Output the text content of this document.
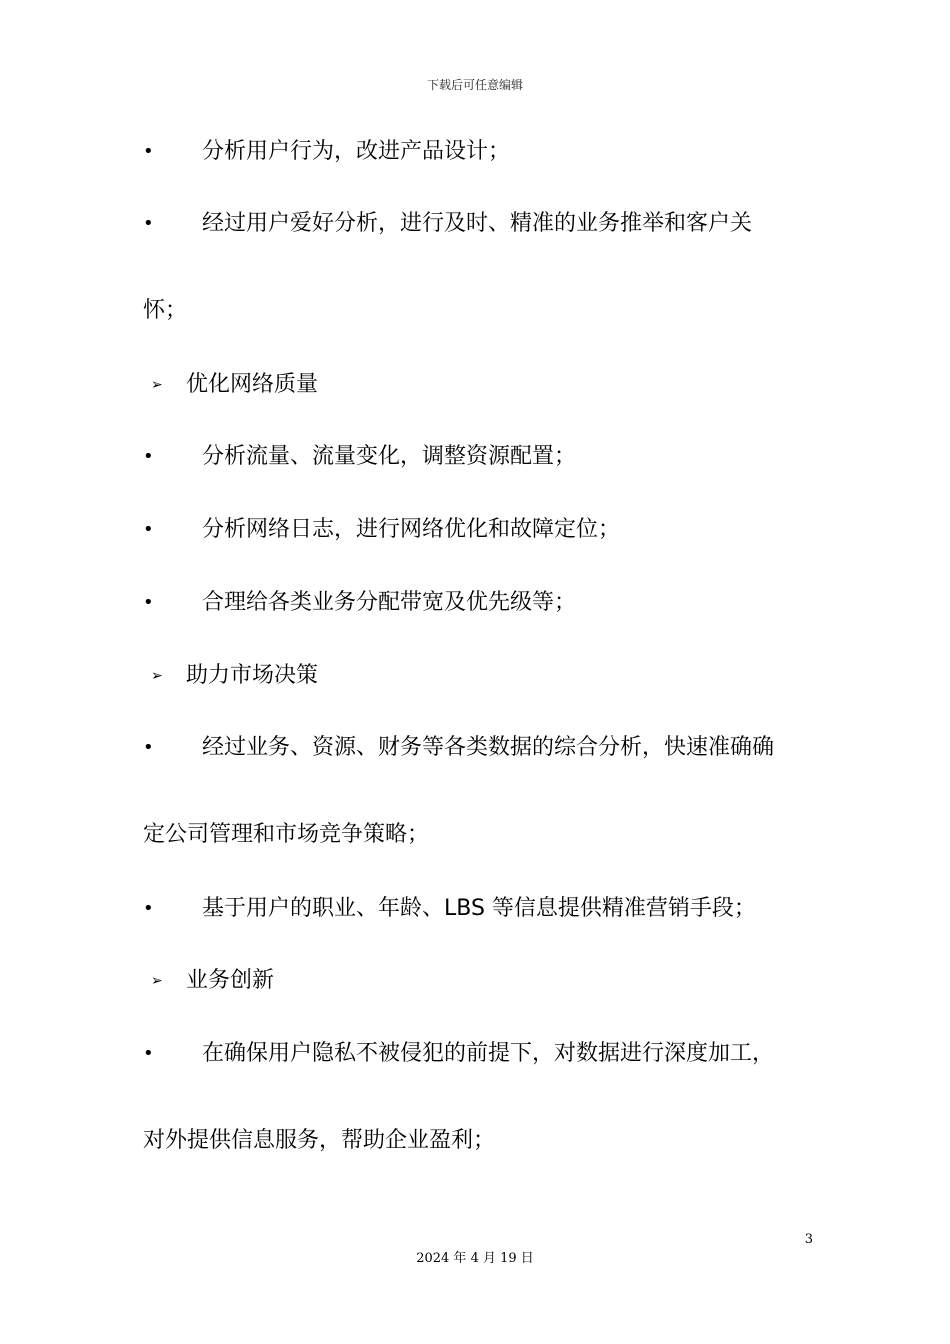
下载后可任意编辑
• 分析用户行为，改进产品设计；
• 经过用户爱好分析，进行及时、精准的业务推举和客户关
怀；
➢ 优化网络质量
• 分析流量、流量变化，调整资源配置；
• 分析网络日志，进行网络优化和故障定位；
• 合理给各类业务分配带宽及优先级等；
➢ 助力市场决策
• 经过业务、资源、财务等各类数据的综合分析，快速准确确
定公司管理和市场竞争策略；
• 基于用户的职业、年龄、LBS 等信息提供精准营销手段；
➢ 业务创新
• 在确保用户隐私不被侵犯的前提下，对数据进行深度加工，
对外提供信息服务，帮助企业盈利；
3
2024 年 4 月 19 日
